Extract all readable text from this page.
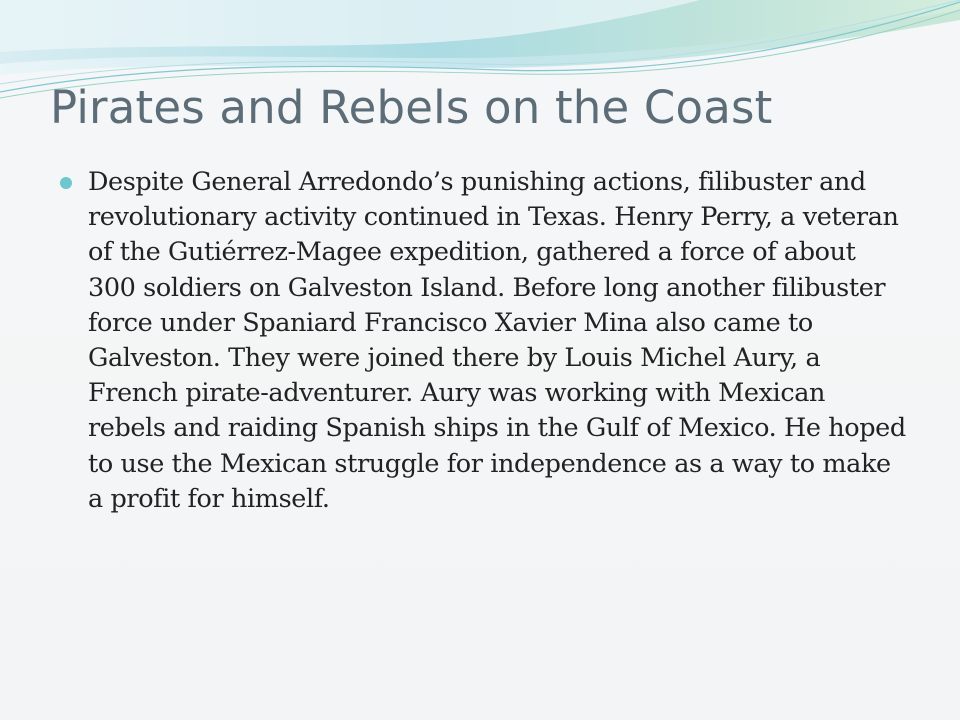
Pirates and Rebels on the Coast

Despite General Arredondo’s punishing actions, filibuster and revolutionary activity continued in Texas. Henry Perry, a veteran of the Gutiérrez-Magee expedition, gathered a force of about 300 soldiers on Galveston Island. Before long another filibuster force under Spaniard Francisco Xavier Mina also came to Galveston. They were joined there by Louis Michel Aury, a French pirate-adventurer. Aury was working with Mexican rebels and raiding Spanish ships in the Gulf of Mexico. He hoped to use the Mexican struggle for independence as a way to make a profit for himself.
